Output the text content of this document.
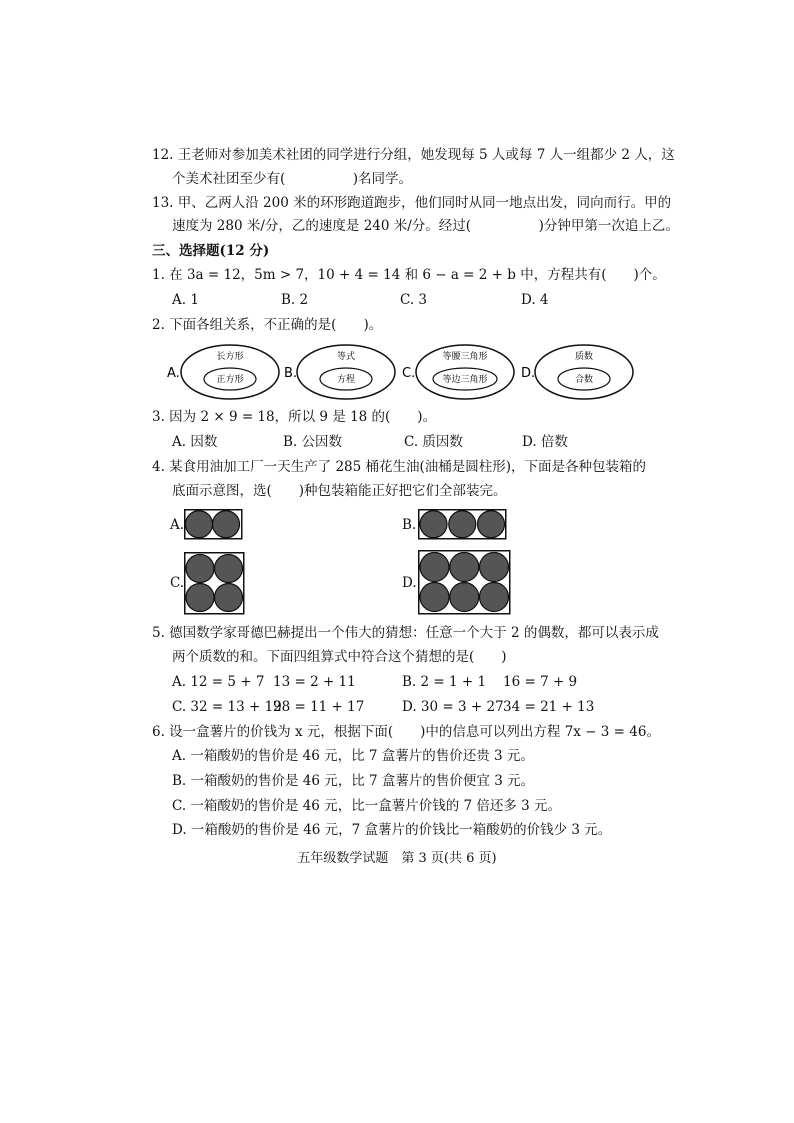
12. 王老师对参加美术社团的同学进行分组，她发现每 5 人或每 7 人一组都少 2 人，这
个美术社团至少有(　　　　　)名同学。
13. 甲、乙两人沿 200 米的环形跑道跑步，他们同时从同一地点出发，同向而行。甲的
速度为 280 米/分，乙的速度是 240 米/分。经过(　　　　　)分钟甲第一次追上乙。
三、选择题(12 分)
1. 在 3a = 12，5m > 7，10 + 4 = 14 和 6 − a = 2 + b 中，方程共有(　　)个。
A. 1	B. 2	C. 3	D. 4
2. 下面各组关系，不正确的是(　　)。
A.
长方形
正方形	B.
等式
方程	C.
等腰三角形
等边三角形	D.
质数
合数
3. 因为 2 × 9 = 18，所以 9 是 18 的(　　)。
A. 因数	B. 公因数	C. 质因数	D. 倍数
4. 某食用油加工厂一天生产了 285 桶花生油(油桶是圆柱形)，下面是各种包装箱的
底面示意图，选(　　)种包装箱能正好把它们全部装完。
A.	B.
C.	D.
5. 德国数学家哥德巴赫提出一个伟大的猜想：任意一个大于 2 的偶数，都可以表示成
两个质数的和。下面四组算式中符合这个猜想的是(　　)
A. 12 = 5 + 7 13 = 2 + 11	B. 2 = 1 + 1 16 = 7 + 9
C. 32 = 13 + 19
28 = 11 + 17	D. 30 = 3 + 27 34 = 21 + 13
6. 设一盒薯片的价钱为 x 元，根据下面(　　)中的信息可以列出方程 7x − 3 = 46。
A. 一箱酸奶的售价是 46 元，比 7 盒薯片的售价还贵 3 元。
B. 一箱酸奶的售价是 46 元，比 7 盒薯片的售价便宜 3 元。
C. 一箱酸奶的售价是 46 元，比一盒薯片价钱的 7 倍还多 3 元。
D. 一箱酸奶的售价是 46 元，7 盒薯片的价钱比一箱酸奶的价钱少 3 元。
五年级数学试题　第 3 页(共 6 页)
